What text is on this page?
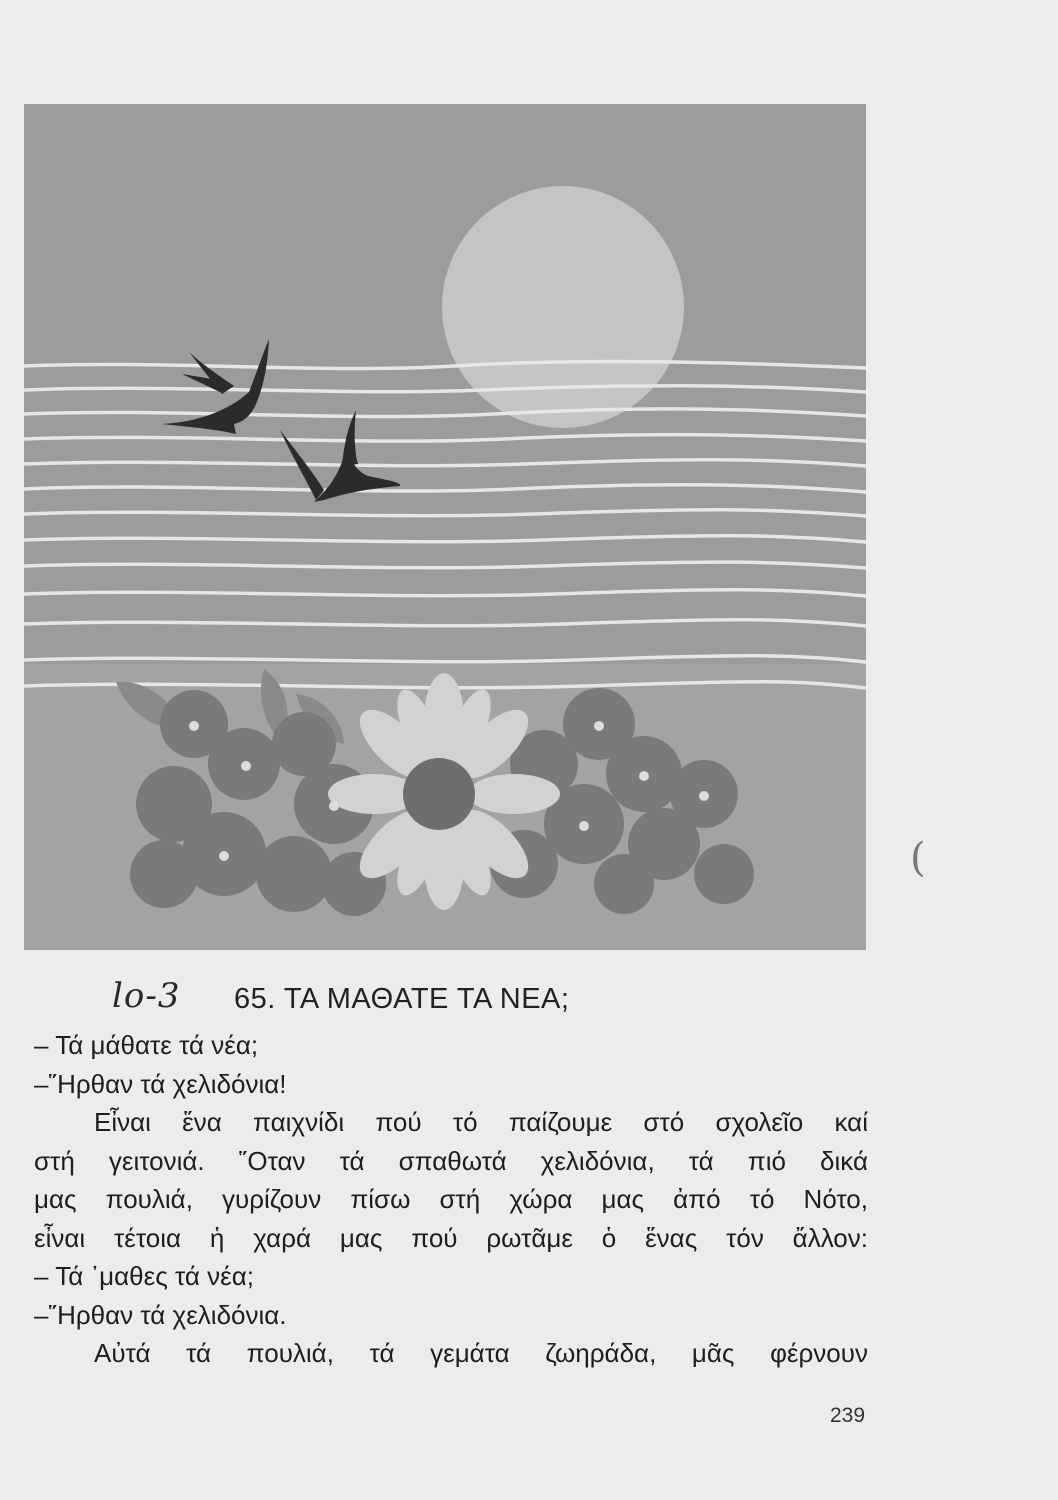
lo-3 65. ΤΑ ΜΑΘΑΤΕ ΤΑ ΝΕΑ;
– Τά μάθατε τά νέα;
–῞Ηρθαν τά χελιδόνια!
Εἶναι ἕνα παιχνίδι πού τό παίζουμε στό σχολεῖο καί
στή γειτονιά. ῞Οταν τά σπαθωτά χελιδόνια, τά πιό δικά
μας πουλιά, γυρίζουν πίσω στή χώρα μας ἀπό τό Νότο,
εἶναι τέτοια ἡ χαρά μας πού ρωτᾶμε ὁ ἕνας τόν ἄλλον:
– Τά ᾽μαθες τά νέα;
–῞Ηρθαν τά χελιδόνια.
Αὐτά τά πουλιά, τά γεμάτα ζωηράδα, μᾶς φέρνουν
(
239
